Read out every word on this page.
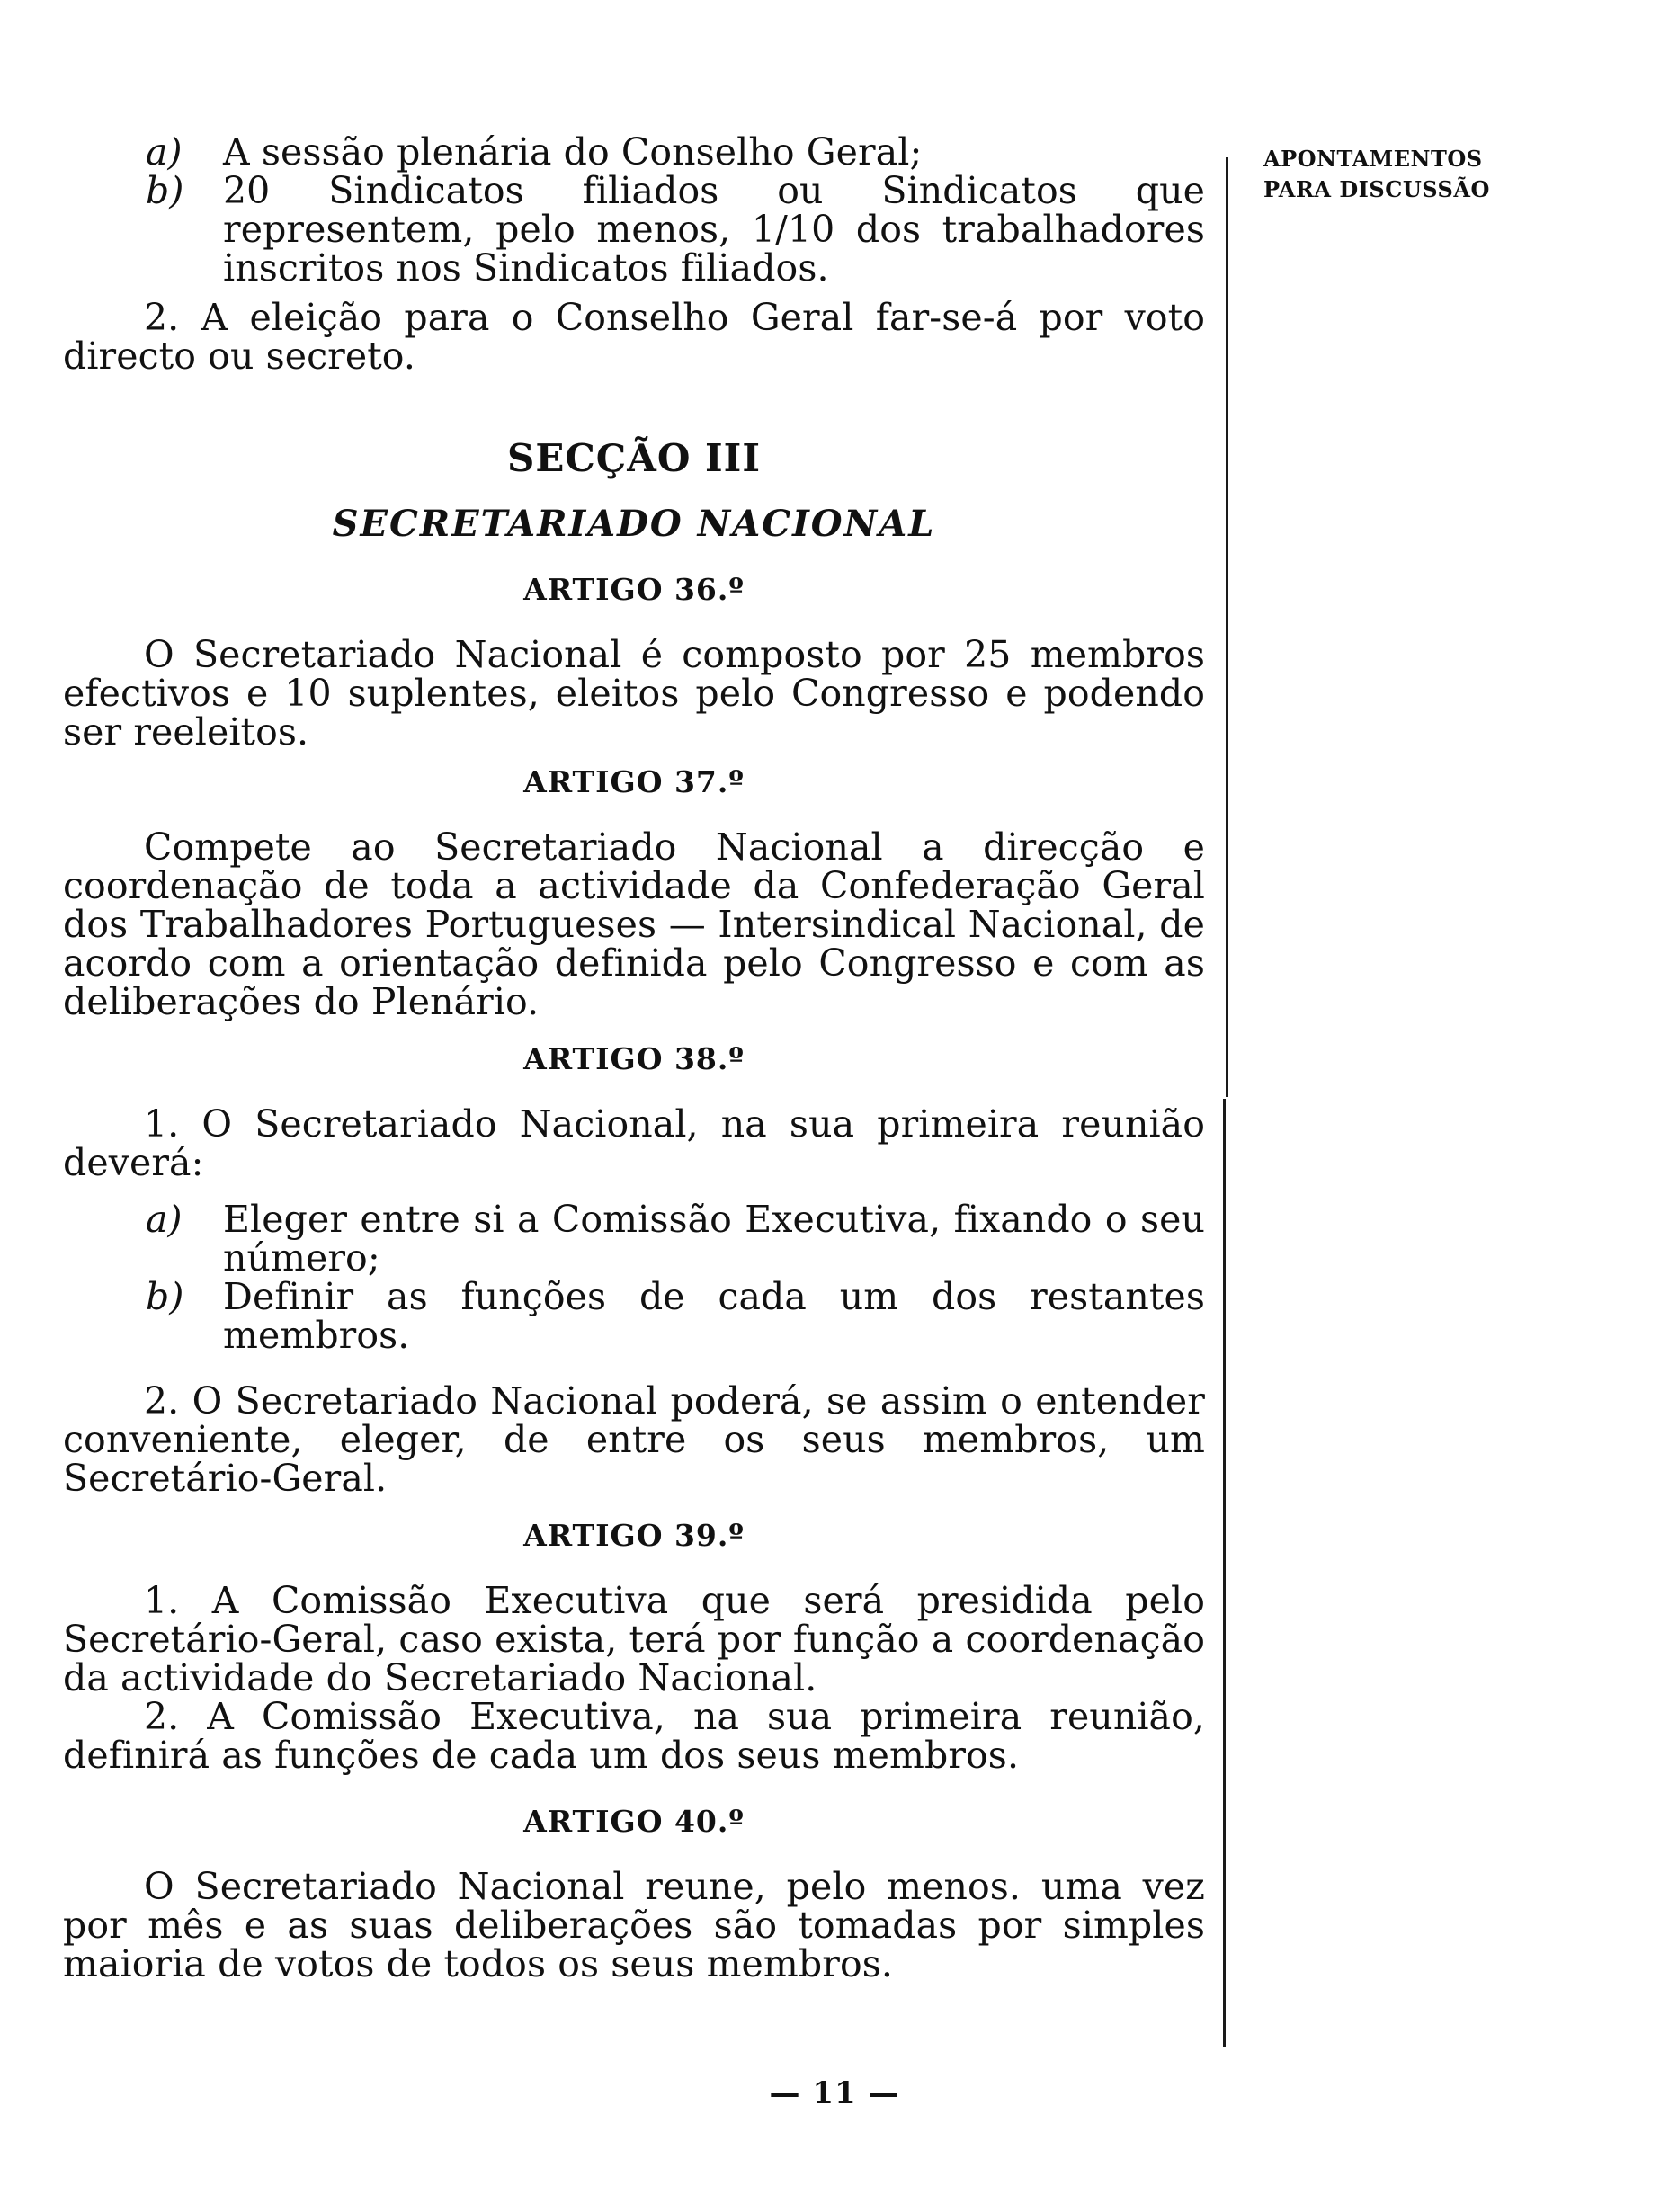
APONTAMENTOS
PARA DISCUSSÃO
a)	A sessão plenária do Conselho Geral;
b)	20 Sindicatos filiados ou Sindicatos que representem, pelo menos, 1/10 dos trabalhadores inscritos nos Sindicatos filiados.

2. A eleição para o Conselho Geral far-se-á por voto directo ou secreto.

SECÇÃO III
SECRETARIADO NACIONAL
ARTIGO 36.º

O Secretariado Nacional é composto por 25 membros efectivos e 10 suplentes, eleitos pelo Congresso e podendo ser reeleitos.

ARTIGO 37.º

Compete ao Secretariado Nacional a direcção e coordenação de toda a actividade da Confederação Geral dos Trabalhadores Portugueses — Intersindical Nacional, de acordo com a orientação definida pelo Congresso e com as deliberações do Plenário.

ARTIGO 38.º

1. O Secretariado Nacional, na sua primeira reunião deverá:

a)	Eleger entre si a Comissão Executiva, fixando o seu número;
b)	Definir as funções de cada um dos restantes membros.

2. O Secretariado Nacional poderá, se assim o entender conveniente, eleger, de entre os seus membros, um Secretário-Geral.

ARTIGO 39.º

1. A Comissão Executiva que será presidida pelo Secretário-Geral, caso exista, terá por função a coordenação da actividade do Secretariado Nacional.

2. A Comissão Executiva, na sua primeira reunião, definirá as funções de cada um dos seus membros.

ARTIGO 40.º

O Secretariado Nacional reune, pelo menos. uma vez por mês e as suas deliberações são tomadas por simples maioria de votos de todos os seus membros.

— 11 —
